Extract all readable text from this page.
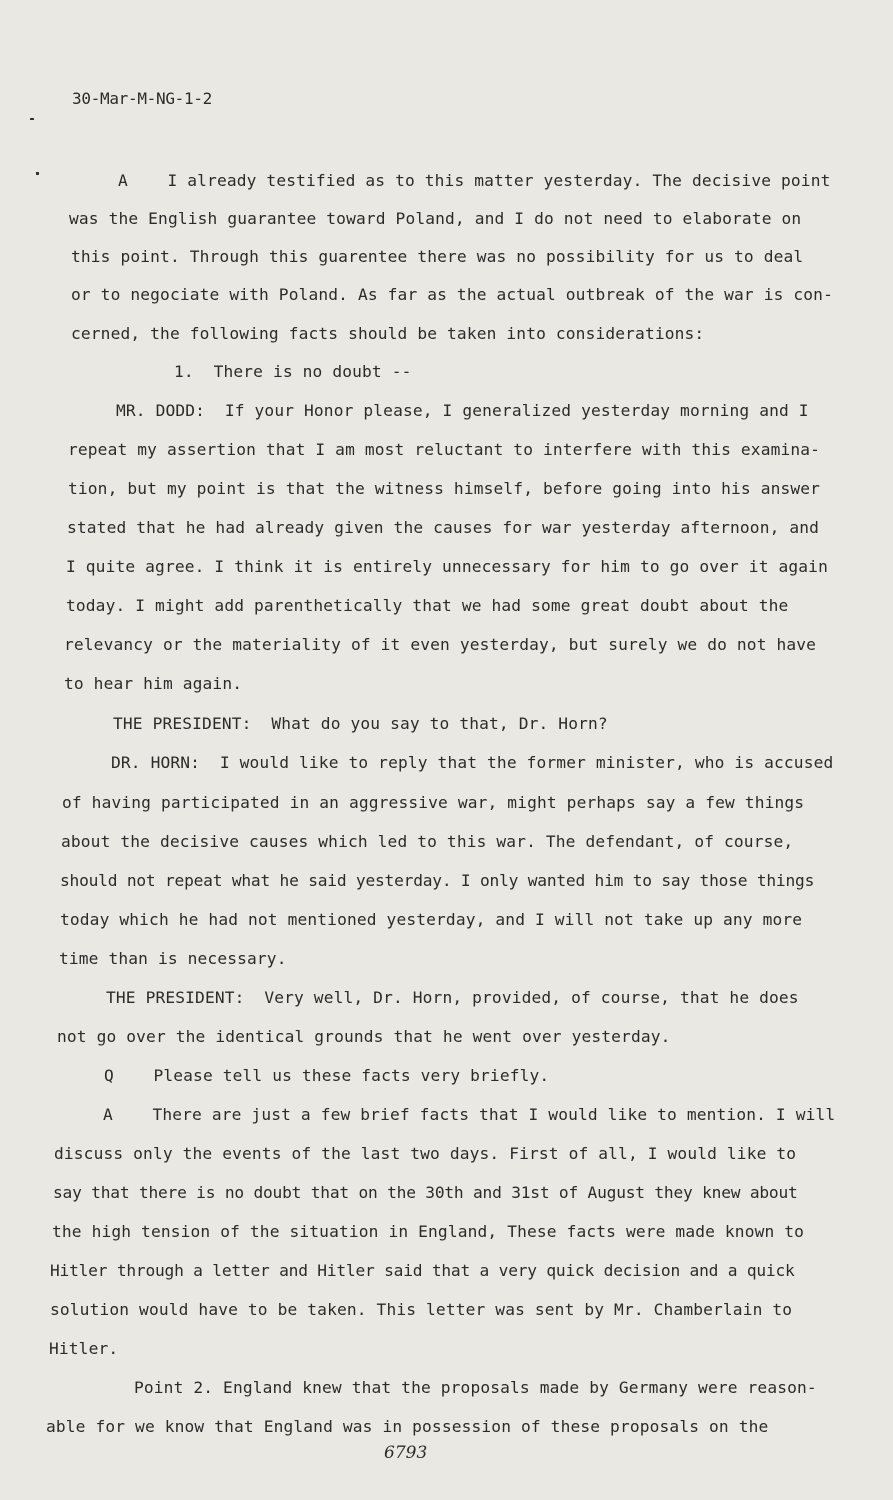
30-Mar-M-NG-1-2
A    I already testified as to this matter yesterday. The decisive point
was the English guarantee toward Poland, and I do not need to elaborate on
this point. Through this guarentee there was no possibility for us to deal
or to negociate with Poland. As far as the actual outbreak of the war is con-
cerned, the following facts should be taken into considerations:
1.  There is no doubt --
MR. DODD:  If your Honor please, I generalized yesterday morning and I
repeat my assertion that I am most reluctant to interfere with this examina-
tion, but my point is that the witness himself, before going into his answer
stated that he had already given the causes for war yesterday afternoon, and
I quite agree. I think it is entirely unnecessary for him to go over it again
today. I might add parenthetically that we had some great doubt about the
relevancy or the materiality of it even yesterday, but surely we do not have
to hear him again.
THE PRESIDENT:  What do you say to that, Dr. Horn?
DR. HORN:  I would like to reply that the former minister, who is accused
of having participated in an aggressive war, might perhaps say a few things
about the decisive causes which led to this war. The defendant, of course,
should not repeat what he said yesterday. I only wanted him to say those things
today which he had not mentioned yesterday, and I will not take up any more
time than is necessary.
THE PRESIDENT:  Very well, Dr. Horn, provided, of course, that he does
not go over the identical grounds that he went over yesterday.
Q    Please tell us these facts very briefly.
A    There are just a few brief facts that I would like to mention. I will
discuss only the events of the last two days. First of all, I would like to
say that there is no doubt that on the 30th and 31st of August they knew about
the high tension of the situation in England, These facts were made known to
Hitler through a letter and Hitler said that a very quick decision and a quick
solution would have to be taken. This letter was sent by Mr. Chamberlain to
Hitler.
Point 2. England knew that the proposals made by Germany were reason-
able for we know that England was in possession of these proposals on the
6793
